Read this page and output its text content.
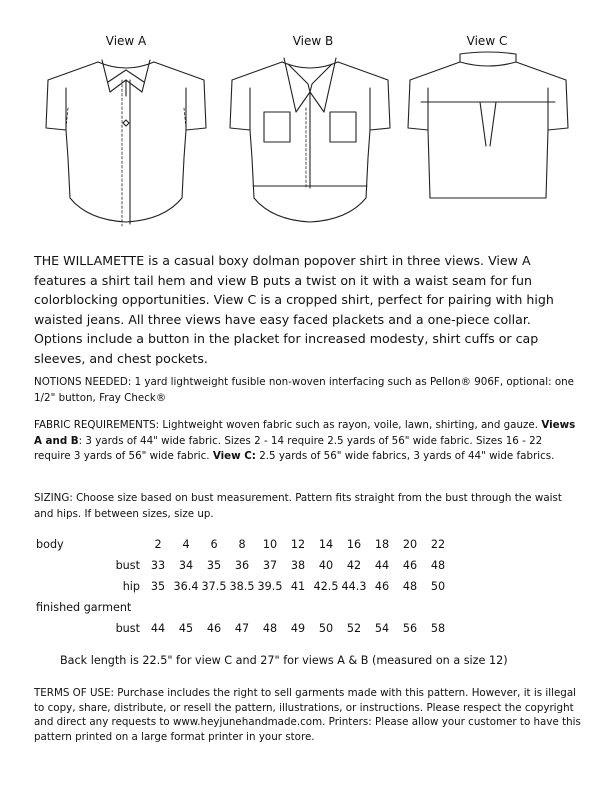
View A	View B	View C
THE WILLAMETTE is a casual boxy dolman popover shirt in three views. View A features a shirt tail hem and view B puts a twist on it with a waist seam for fun colorblocking opportunities. View C is a cropped shirt, perfect for pairing with high waisted jeans. All three views have easy faced plackets and a one-piece collar. Options include a button in the placket for increased modesty, shirt cuffs or cap sleeves, and chest pockets.
NOTIONS NEEDED: 1 yard lightweight fusible non-woven interfacing such as Pellon® 906F, optional: one 1/2" button, Fray Check®
FABRIC REQUIREMENTS: Lightweight woven fabric such as rayon, voile, lawn, shirting, and gauze. Views A and B: 3 yards of 44" wide fabric. Sizes 2 - 14 require 2.5 yards of 56" wide fabric. Sizes 16 - 22 require 3 yards of 56" wide fabric. View C: 2.5 yards of 56" wide fabrics, 3 yards of 44" wide fabrics.
SIZING: Choose size based on bust measurement. Pattern fits straight from the bust through the waist and hips. If between sizes, size up.
body		2	4	6	8	10	12	14	16	18	20	22
	bust	33	34	35	36	37	38	40	42	44	46	48
	hip	35	36.4	37.5	38.5	39.5	41	42.5	44.3	46	48	50
finished garment												
	bust	44	45	46	47	48	49	50	52	54	56	58
Back length is 22.5" for view C and 27" for views A & B (measured on a size 12)
TERMS OF USE: Purchase includes the right to sell garments made with this pattern. However, it is illegal to copy, share, distribute, or resell the pattern, illustrations, or instructions. Please respect the copyright and direct any requests to www.heyjunehandmade.com. Printers: Please allow your customer to have this pattern printed on a large format printer in your store.
